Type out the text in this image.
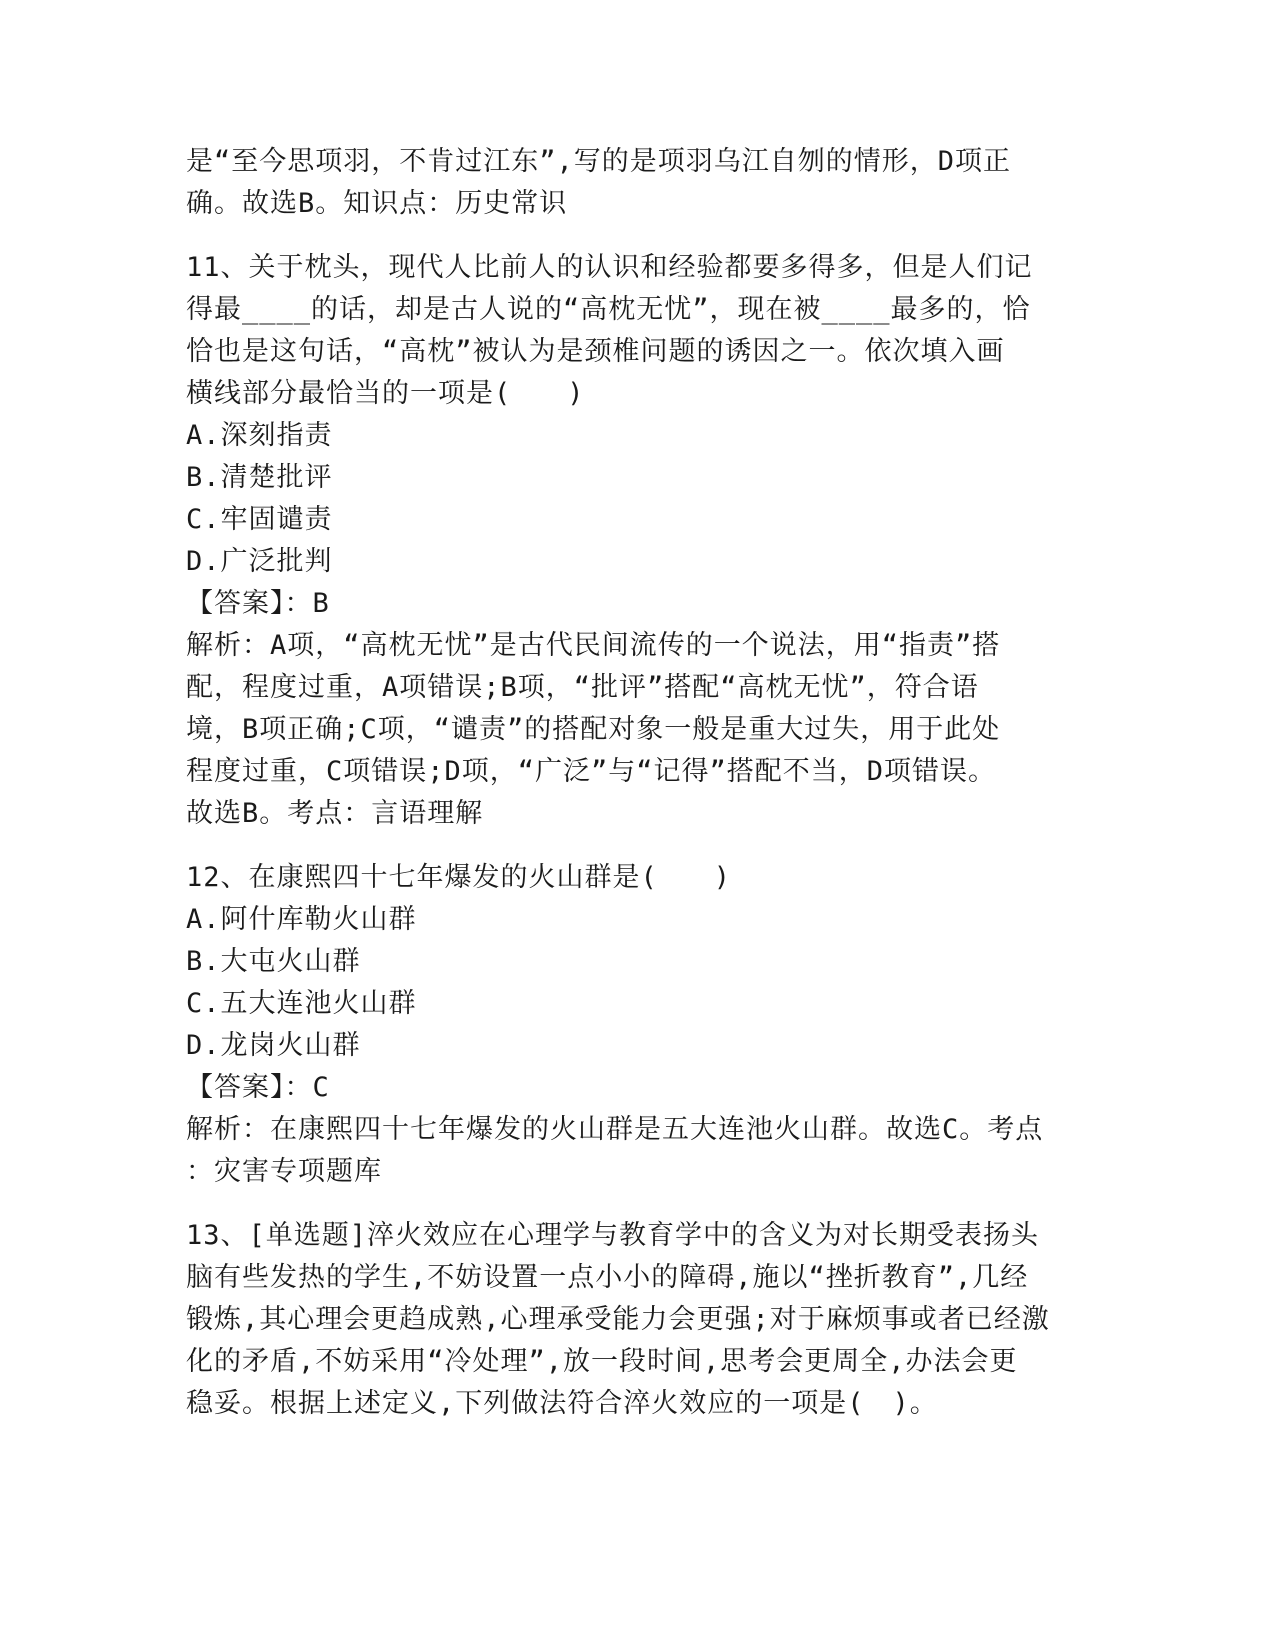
是“至今思项羽，不肯过江东”,写的是项羽乌江自刎的情形，D项正
确。故选B。知识点：历史常识
11、关于枕头，现代人比前人的认识和经验都要多得多，但是人们记
得最____的话，却是古人说的“高枕无忧”，现在被____最多的，恰
恰也是这句话，“高枕”被认为是颈椎问题的诱因之一。依次填入画
横线部分最恰当的一项是(　　)
A.深刻指责
B.清楚批评
C.牢固谴责
D.广泛批判
【答案】：B
解析：A项，“高枕无忧”是古代民间流传的一个说法，用“指责”搭
配，程度过重，A项错误;B项，“批评”搭配“高枕无忧”，符合语
境，B项正确;C项，“谴责”的搭配对象一般是重大过失，用于此处
程度过重，C项错误;D项，“广泛”与“记得”搭配不当，D项错误。
故选B。考点：言语理解
12、在康熙四十七年爆发的火山群是(　　)
A.阿什库勒火山群
B.大屯火山群
C.五大连池火山群
D.龙岗火山群
【答案】：C
解析：在康熙四十七年爆发的火山群是五大连池火山群。故选C。考点
：灾害专项题库
13、[单选题]淬火效应在心理学与教育学中的含义为对长期受表扬头
脑有些发热的学生,不妨设置一点小小的障碍,施以“挫折教育”,几经
锻炼,其心理会更趋成熟,心理承受能力会更强;对于麻烦事或者已经激
化的矛盾,不妨采用“冷处理”,放一段时间,思考会更周全,办法会更
稳妥。根据上述定义,下列做法符合淬火效应的一项是(　)。
